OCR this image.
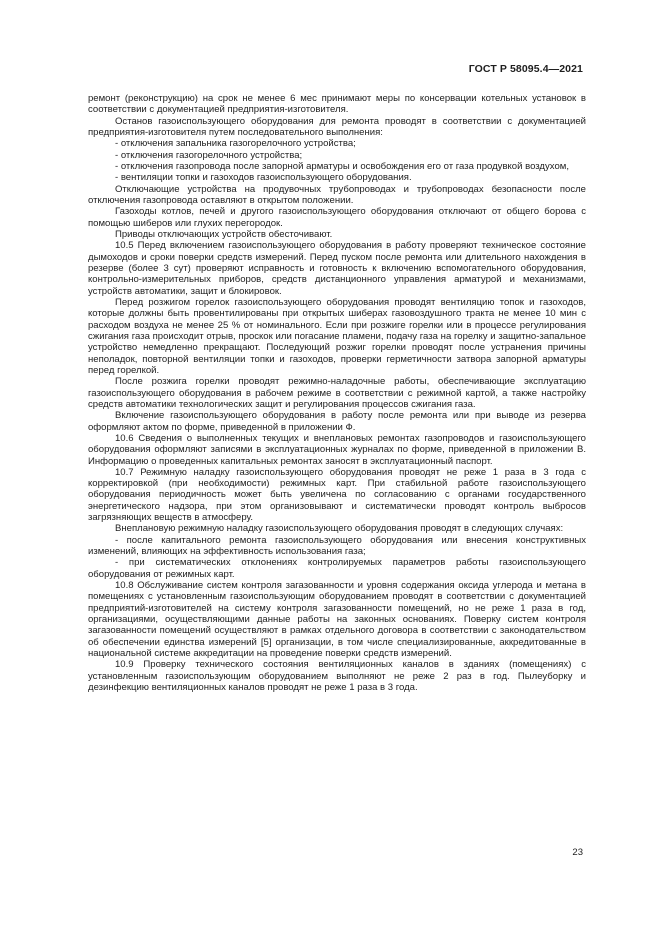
ГОСТ Р 58095.4—2021

ремонт (реконструкцию) на срок не менее 6 мес принимают меры по консервации котельных установок в соответствии с документацией предприятия-изготовителя.

Останов газоиспользующего оборудования для ремонта проводят в соответствии с документацией предприятия-изготовителя путем последовательного выполнения:

- отключения запальника газогорелочного устройства;

- отключения газогорелочного устройства;

- отключения газопровода после запорной арматуры и освобождения его от газа продувкой воздухом,

- вентиляции топки и газоходов газоиспользующего оборудования.

Отключающие устройства на продувочных трубопроводах и трубопроводах безопасности после отключения газопровода оставляют в открытом положении.

Газоходы котлов, печей и другого газоиспользующего оборудования отключают от общего борова с помощью шиберов или глухих перегородок.

Приводы отключающих устройств обесточивают.

10.5 Перед включением газоиспользующего оборудования в работу проверяют техническое состояние дымоходов и сроки поверки средств измерений. Перед пуском после ремонта или длительного нахождения в резерве (более 3 сут) проверяют исправность и готовность к включению вспомогательного оборудования, контрольно-измерительных приборов, средств дистанционного управления арматурой и механизмами, устройств автоматики, защит и блокировок.

Перед розжигом горелок газоиспользующего оборудования проводят вентиляцию топок и газоходов, которые должны быть провентилированы при открытых шиберах газовоздушного тракта не менее 10 мин с расходом воздуха не менее 25 % от номинального. Если при розжиге горелки или в процессе регулирования сжигания газа происходит отрыв, проскок или погасание пламени, подачу газа на горелку и защитно-запальное устройство немедленно прекращают. Последующий розжиг горелки проводят после устранения причины неполадок, повторной вентиляции топки и газоходов, проверки герметичности затвора запорной арматуры перед горелкой.

После розжига горелки проводят режимно-наладочные работы, обеспечивающие эксплуатацию газоиспользующего оборудования в рабочем режиме в соответствии с режимной картой, а также настройку средств автоматики технологических защит и регулирования процессов сжигания газа.

Включение газоиспользующего оборудования в работу после ремонта или при выводе из резерва оформляют актом по форме, приведенной в приложении Ф.

10.6 Сведения о выполненных текущих и внеплановых ремонтах газопроводов и газоиспользующего оборудования оформляют записями в эксплуатационных журналах по форме, приведенной в приложении В. Информацию о проведенных капитальных ремонтах заносят в эксплуатационный паспорт.

10.7 Режимную наладку газоиспользующего оборудования проводят не реже 1 раза в 3 года с корректировкой (при необходимости) режимных карт. При стабильной работе газоиспользующего оборудования периодичность может быть увеличена по согласованию с органами государственного энергетического надзора, при этом организовывают и систематически проводят контроль выбросов загрязняющих веществ в атмосферу.

Внеплановую режимную наладку газоиспользующего оборудования проводят в следующих случаях:

- после капитального ремонта газоиспользующего оборудования или внесения конструктивных изменений, влияющих на эффективность использования газа;

- при систематических отклонениях контролируемых параметров работы газоиспользующего оборудования от режимных карт.

10.8 Обслуживание систем контроля загазованности и уровня содержания оксида углерода и метана в помещениях с установленным газоиспользующим оборудованием проводят в соответствии с документацией предприятий-изготовителей на систему контроля загазованности помещений, но не реже 1 раза в год, организациями, осуществляющими данные работы на законных основаниях. Поверку систем контроля загазованности помещений осуществляют в рамках отдельного договора в соответствии с законодательством об обеспечении единства измерений [5] организации, в том числе специализированные, аккредитованные в национальной системе аккредитации на проведение поверки средств измерений.

10.9 Проверку технического состояния вентиляционных каналов в зданиях (помещениях) с установленным газоиспользующим оборудованием выполняют не реже 2 раз в год. Пылеуборку и дезинфекцию вентиляционных каналов проводят не реже 1 раза в 3 года.

23
